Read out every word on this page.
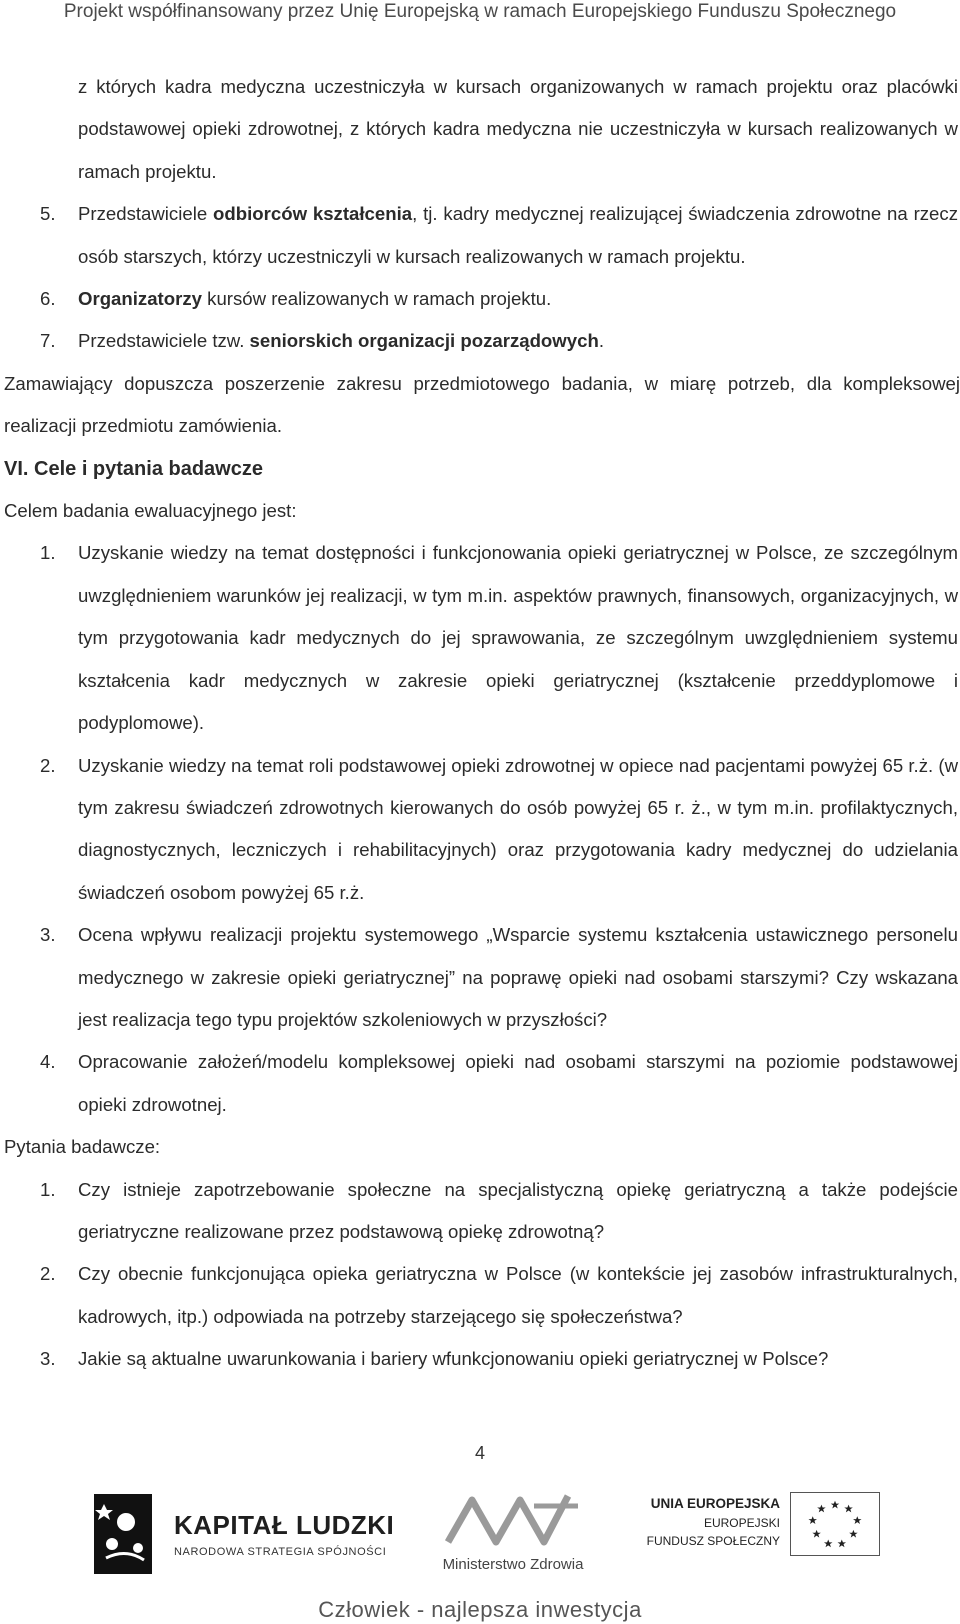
Projekt współfinansowany przez Unię Europejską w ramach Europejskiego Funduszu Społecznego
z których kadra medyczna uczestniczyła w kursach organizowanych w ramach projektu oraz placówki podstawowej opieki zdrowotnej, z których kadra medyczna nie uczestniczyła w kursach realizowanych w ramach projektu.
5.	Przedstawiciele odbiorców kształcenia, tj. kadry medycznej realizującej świadczenia zdrowotne na rzecz osób starszych, którzy uczestniczyli w kursach realizowanych w ramach projektu.
6.	Organizatorzy kursów realizowanych w ramach projektu.
7.	Przedstawiciele tzw. seniorskich organizacji pozarządowych.

Zamawiający dopuszcza poszerzenie zakresu przedmiotowego badania, w miarę potrzeb, dla kompleksowej realizacji przedmiotu zamówienia.

VI. Cele i pytania badawcze

Celem badania ewaluacyjnego jest:

1.	Uzyskanie wiedzy na temat dostępności i funkcjonowania opieki geriatrycznej w Polsce, ze szczególnym uwzględnieniem warunków jej realizacji, w tym m.in. aspektów prawnych, finansowych, organizacyjnych, w tym przygotowania kadr medycznych do jej sprawowania, ze szczególnym uwzględnieniem systemu kształcenia kadr medycznych w zakresie opieki geriatrycznej (kształcenie przeddyplomowe i podyplomowe).
2.	Uzyskanie wiedzy na temat roli podstawowej opieki zdrowotnej w opiece nad pacjentami powyżej 65 r.ż. (w tym zakresu świadczeń zdrowotnych kierowanych do osób powyżej 65 r. ż., w tym m.in. profilaktycznych, diagnostycznych, leczniczych i rehabilitacyjnych) oraz przygotowania kadry medycznej do udzielania świadczeń osobom powyżej 65 r.ż.
3.	Ocena wpływu realizacji projektu systemowego „Wsparcie systemu kształcenia ustawicznego personelu medycznego w zakresie opieki geriatrycznej” na poprawę opieki nad osobami starszymi? Czy wskazana jest realizacja tego typu projektów szkoleniowych w przyszłości?
4.	Opracowanie założeń/modelu kompleksowej opieki nad osobami starszymi na poziomie podstawowej opieki zdrowotnej.

Pytania badawcze:

1.	Czy istnieje zapotrzebowanie społeczne na specjalistyczną opiekę geriatryczną a także podejście geriatryczne realizowane przez podstawową opiekę zdrowotną?
2.	Czy obecnie funkcjonująca opieka geriatryczna w Polsce (w kontekście jej zasobów infrastrukturalnych, kadrowych, itp.) odpowiada na potrzeby starzejącego się społeczeństwa?
3.	Jakie są aktualne uwarunkowania i bariery wfunkcjonowaniu opieki geriatrycznej w Polsce?
4
KAPITAŁ LUDZKI
NARODOWA STRATEGIA SPÓJNOŚCI
Ministerstwo Zdrowia
UNIA EUROPEJSKA
EUROPEJSKI
FUNDUSZ SPOŁECZNY
Człowiek - najlepsza inwestycja
